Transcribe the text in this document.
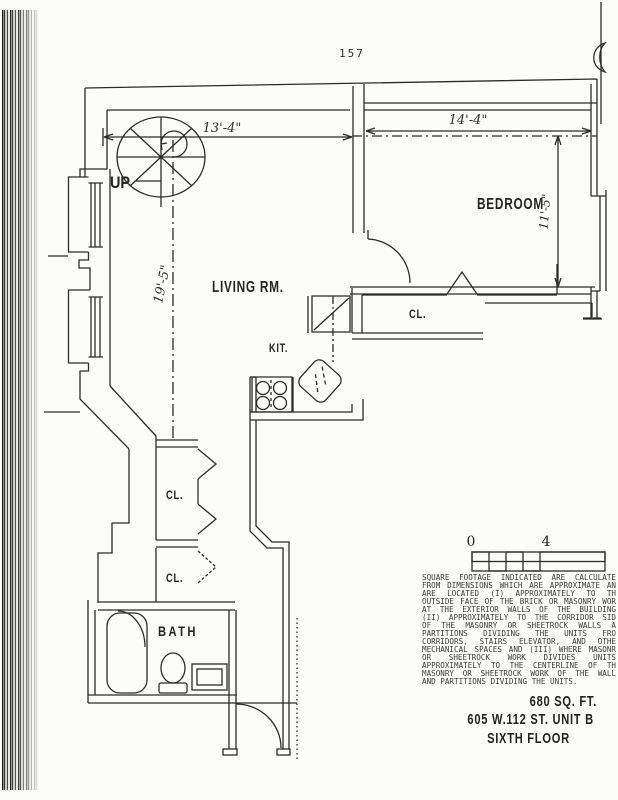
157
0	4
LIVING RM.
BEDROOM
KIT.
CL.
CL.
CL.
BATH
UP
13'-4"
14'-4"
19'-5"
11'-5"
SQUARE FOOTAGE INDICATED ARE CALCULATE
FROM DIMENSIONS WHICH ARE APPROXIMATE AN
ARE LOCATED (I) APPROXIMATELY TO TH
OUTSIDE FACE OF THE BRICK OR MASONRY WOR
AT THE EXTERIOR WALLS OF THE BUILDING
(II) APPROXIMATELY TO THE CORRIDOR SID
OF THE MASONRY OR SHEETROCK WALLS A
PARTITIONS DIVIDING THE UNITS FRO
CORRIDORS, STAIRS ELEVATOR, AND OTHE
MECHANICAL SPACES AND (III) WHERE MASONR
OR SHEETROCK WORK DIVIDES UNITS
APPROXIMATELY TO THE CENTERLINE OF TH
MASONRY OR SHEETROCK WORK OF THE WALL
AND PARTITIONS DIVIDING THE UNITS.
680 SQ. FT.
605 W.112 ST. UNIT B
SIXTH FLOOR
